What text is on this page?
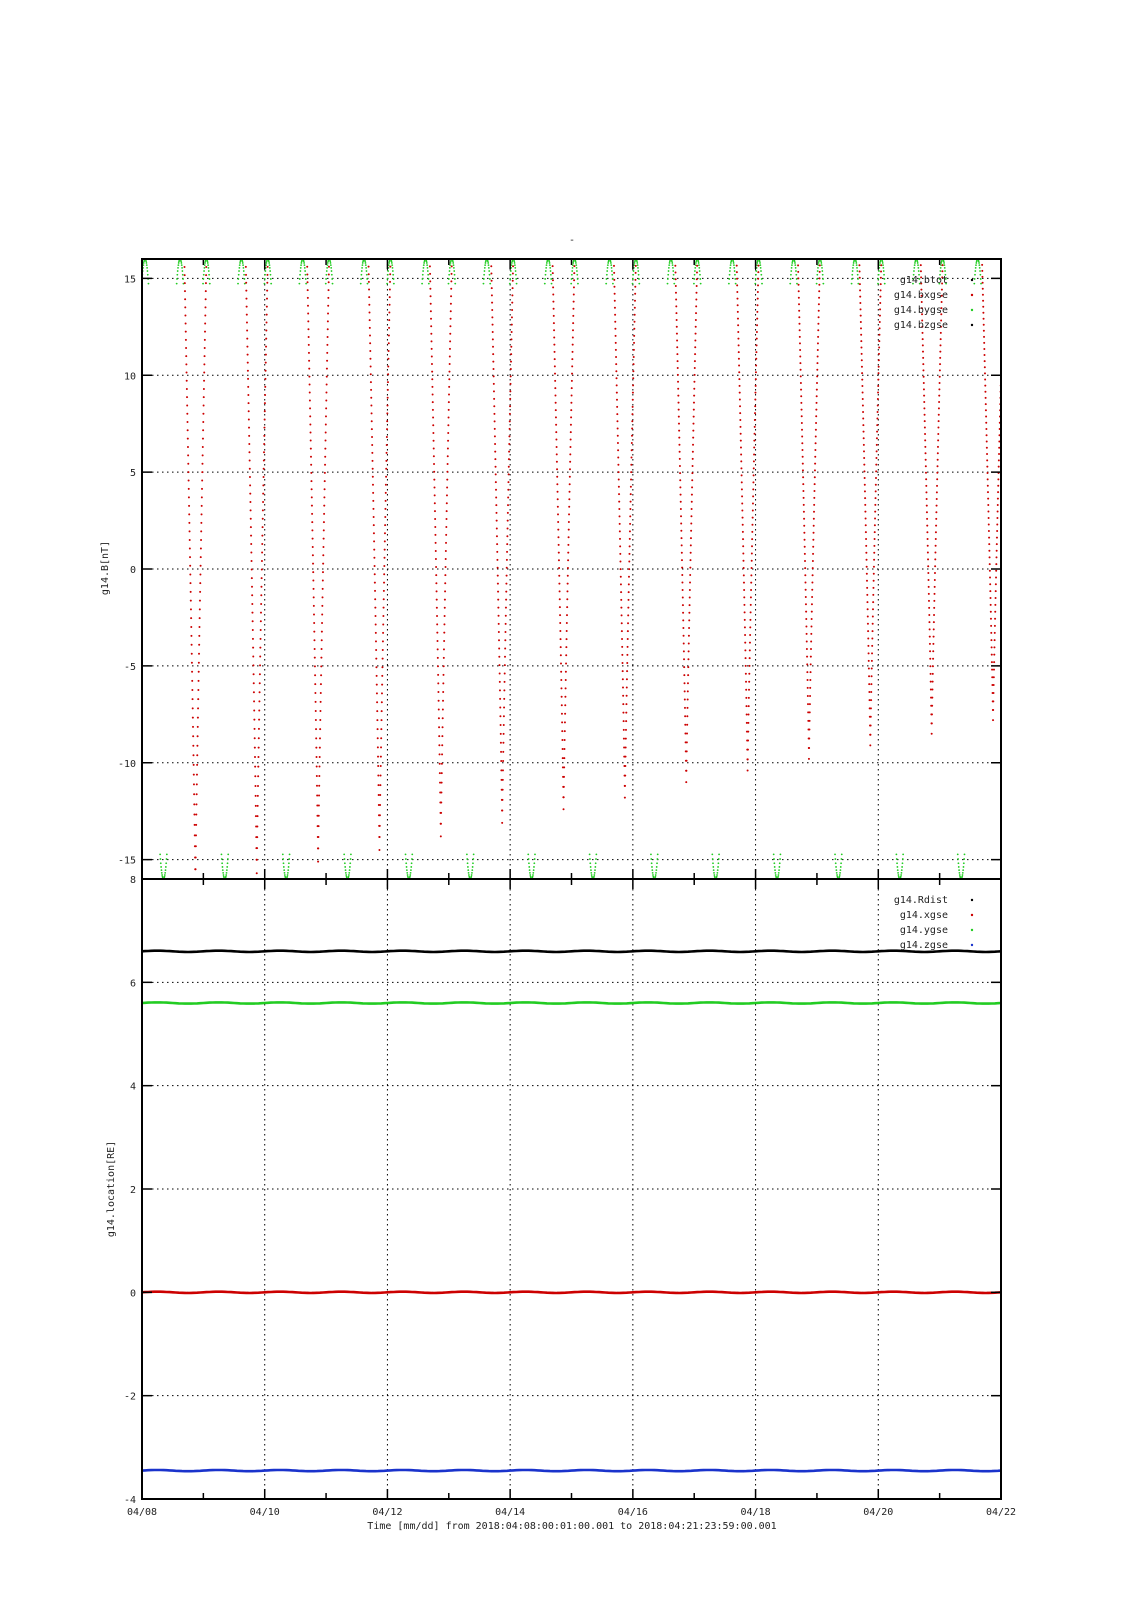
-
15
10
5
0
-5
-10
-15
g14.B[nT]
g14.btot
g14.bxgse
g14.bygse
g14.bzgse
8
6
4
2
0
-2
-4
g14.location[RE]
g14.Rdist
g14.xgse
g14.ygse
g14.zgse
04/08	04/10	04/12	04/14	04/16	04/18	04/20	04/22
Time [mm/dd] from 2018:04:08:00:01:00.001 to 2018:04:21:23:59:00.001
